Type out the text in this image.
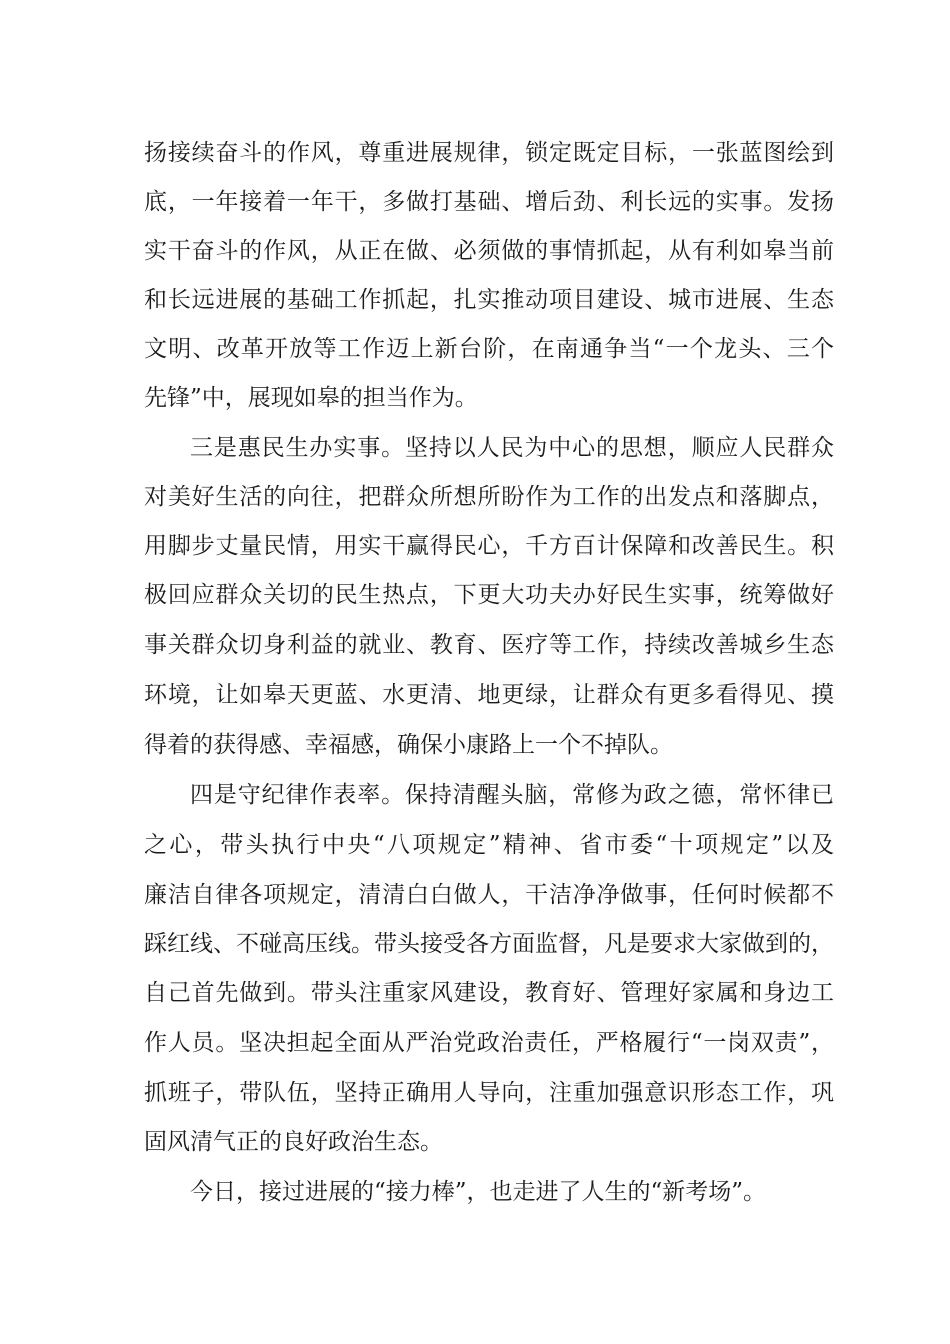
扬接续奋斗的作风，尊重进展规律，锁定既定目标，一张蓝图绘到
底，一年接着一年干，多做打基础、增后劲、利长远的实事。发扬
实干奋斗的作风，从正在做、必须做的事情抓起，从有利如皋当前
和长远进展的基础工作抓起，扎实推动项目建设、城市进展、生态
文明、改革开放等工作迈上新台阶，在南通争当“一个龙头、三个
先锋”中，展现如皋的担当作为。
三是惠民生办实事。坚持以人民为中心的思想，顺应人民群众
对美好生活的向往，把群众所想所盼作为工作的出发点和落脚点，
用脚步丈量民情，用实干赢得民心，千方百计保障和改善民生。积
极回应群众关切的民生热点，下更大功夫办好民生实事，统筹做好
事关群众切身利益的就业、教育、医疗等工作，持续改善城乡生态
环境，让如皋天更蓝、水更清、地更绿，让群众有更多看得见、摸
得着的获得感、幸福感，确保小康路上一个不掉队。
四是守纪律作表率。保持清醒头脑，常修为政之德，常怀律已
之心，带头执行中央“八项规定”精神、省市委“十项规定”以及
廉洁自律各项规定，清清白白做人，干洁净净做事，任何时候都不
踩红线、不碰高压线。带头接受各方面监督，凡是要求大家做到的，
自己首先做到。带头注重家风建设，教育好、管理好家属和身边工
作人员。坚决担起全面从严治党政治责任，严格履行“一岗双责”，
抓班子，带队伍，坚持正确用人导向，注重加强意识形态工作，巩
固风清气正的良好政治生态。
今日，接过进展的“接力棒”，也走进了人生的“新考场”。
